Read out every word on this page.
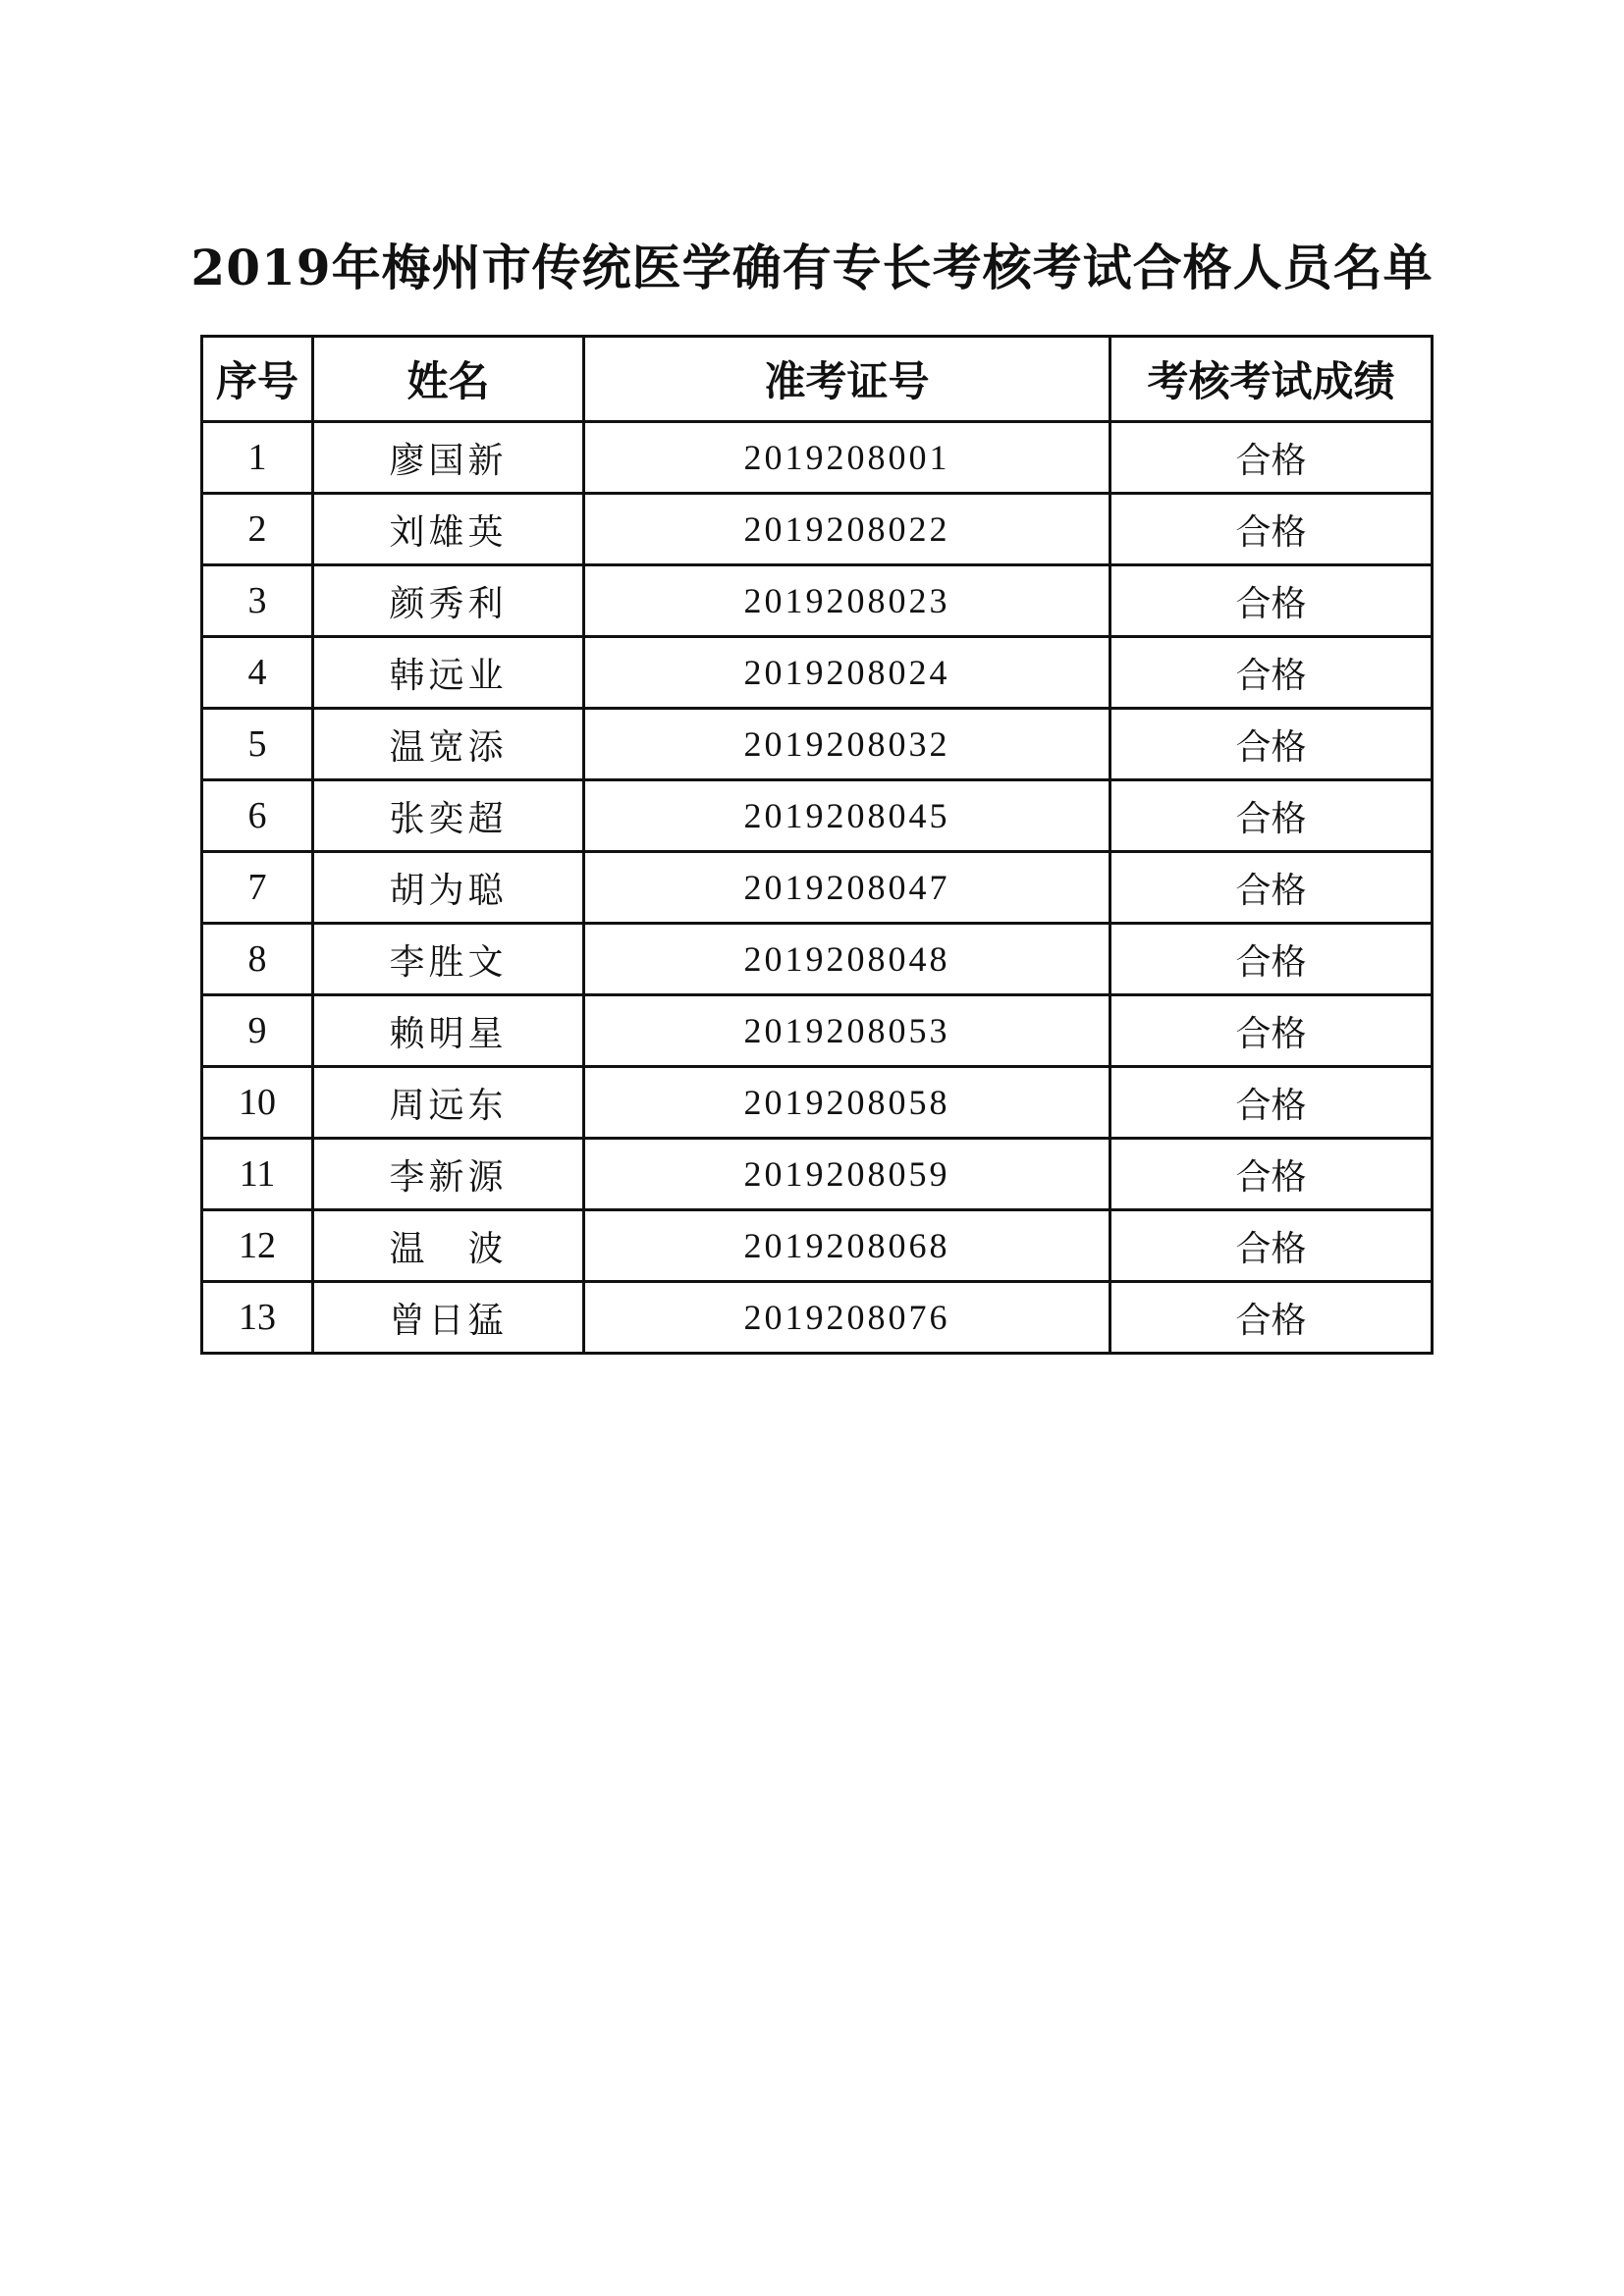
2019年梅州市传统医学确有专长考核考试合格人员名单
序号	姓名	准考证号	考核考试成绩
1	廖国新	2019208001	合格
2	刘雄英	2019208022	合格
3	颜秀利	2019208023	合格
4	韩远业	2019208024	合格
5	温宽添	2019208032	合格
6	张奕超	2019208045	合格
7	胡为聪	2019208047	合格
8	李胜文	2019208048	合格
9	赖明星	2019208053	合格
10	周远东	2019208058	合格
11	李新源	2019208059	合格
12	温　波	2019208068	合格
13	曾日猛	2019208076	合格
